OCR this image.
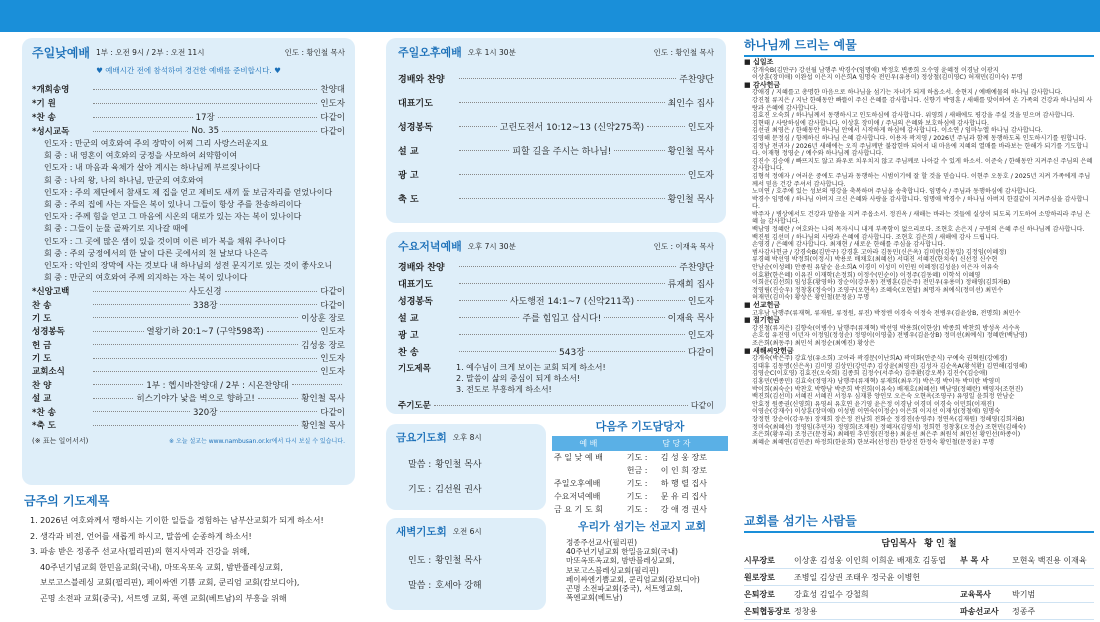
주일낮예배 1부 : 오전 9시 / 2부 : 오전 11시	인도 : 황인철 목사
♥ 예배시간 전에 참석하여 경건한 예배를 준비합시다. ♥
*개회송영	찬양대
*기 원	인도자
*찬 송	17장	다같이
*성시교독	No. 35	다같이
인도자 : 만군의 여호와여 주의 장막이 어찌 그리 사랑스러운지요
회 중 : 내 영혼이 여호와의 궁정을 사모하여 쇠약함이여
인도자 : 내 마음과 육체가 살아 계시는 하나님께 부르짖나이다
회 중 : 나의 왕, 나의 하나님, 만군의 여호와여
인도자 : 주의 제단에서 참새도 제 집을 얻고 제비도 새끼 둘 보금자리를 얻었나이다
회 중 : 주의 집에 사는 자들은 복이 있나니 그들이 항상 주를 찬송하리이다
인도자 : 주께 힘을 얻고 그 마음에 시온의 대로가 있는 자는 복이 있나이다
회 중 : 그들이 눈물 골짜기로 지나갈 때에
인도자 : 그 곳에 많은 샘이 있을 것이며 이른 비가 복을 채워 주나이다
회 중 : 주의 궁정에서의 한 날이 다른 곳에서의 천 날보다 나은즉
인도자 : 악인의 장막에 사는 것보다 내 하나님의 성전 문지기로 있는 것이 좋사오니
회 중 : 만군의 여호와여 주께 의지하는 자는 복이 있나이다
*신앙고백	사도신경	다같이
찬 송	338장	다같이
기 도	이상훈 장로
성경봉독	열왕기하 20:1~7 (구약598쪽)	인도자
헌 금	김성웅 장로
기 도	인도자
교회소식	인도자
찬 양	1부 : 헵시바찬양대 / 2부 : 시온찬양대
설 교	히스기야가 낯을 벽으로 향하고!	황인철 목사
*찬 송	320장	다같이
*축 도	황인철 목사
(※ 표는 일어서서)	※ 오늘 설교는 www.nambusan.or.kr에서 다시 보실 수 있습니다.
금주의 기도제목
1. 2026년 여호와께서 행하시는 기이한 일들을 경험하는 남부산교회가 되게 하소서!
2. 생각과 비전, 언어를 새롭게 하시고, 말씀에 순종하게 하소서!
3. 파송 받은 정종주 선교사(필리핀)의 현지사역과 건강을 위해,
40주년기념교회 한민음교회(국내), 마또옥또옥 교회, 밤반플레싱교회,
보로고스블레싱 교회(필리핀), 페이싸엔 기쁨 교회, 쿤리엄 교회(캄보디아),
곤명 소전파 교회(중국), 서트엥 교회, 폭엔 교회(베트남)의 부흥을 위해
주일오후예배 오후 1시 30분	인도 : 황인철 목사
경배와 찬양	주찬양단
대표기도	최인수 집사
성경봉독	고린도전서 10:12~13 (신약275쪽)	인도자
설 교	피할 길을 주시는 하나님!	황인철 목사
광 고	인도자
축 도	황인철 목사
수요저녁예배 오후 7시 30분	인도 : 이재육 목사
경배와 찬양	주찬양단
대표기도	류재희 집사
성경봉독	사도행전 14:1~7 (신약211쪽)	인도자
설 교	주를 힘입고 삽시다!	이재육 목사
광 고	인도자
찬 송	543장	다같이
기도제목	1. 예수님이 크게 보이는 교회 되게 하소서!
2. 말씀이 삶의 중심이 되게 하소서!
3. 전도로 부흥하게 하소서!
주기도문	다같이
금요기도회 오후 8시
말씀 : 황인철 목사
기도 : 김선원 권사
새벽기도회 오전 6시
인도 : 황인철 목사
말씀 : 호세아 강해
다음주 기도담당자
예 배	담 당 자	
주 일 낮 예 배	기도 :	김 성 웅 장로
	헌금 :	이 인 희 장로
주일오후예배	기도 :	하 행 렬 집사
수요저녁예배	기도 :	문 유 리 집사
금 요 기 도 회	기도 :	강 애 경 권사
우리가 섬기는 선교지 교회
정종주선교사(필리핀)
40주년기념교회 한밀음교회(국내)
마또옥또옥교회, 밤반블레싱교회,
보로고스블레싱교회(필리핀)
페이싸엔기쁨교회, 쿤리엄교회(캄보디아)
곤명 소전파교회(중국), 서트엥교회,
폭엔교회(베트남)
하나님께 드리는 예물
■ 십일조
강개숙B(김만구) 강선월 남행주 박경수(임명애) 박정호 변종희 오수영 윤혜정 이경남 이광지
이상훈(장미애) 이완섭 이은지 이은희A 임명숙 전민우(유용미) 정상철(김미영C) 허재민(김미숙) 무명
■ 감사헌금
강애경 / 지혜를고 총명한 마음으로 하나님을 섬기는 자녀가 되게 하옵소서. 송현지 / 예배예물의 하나님 감사합니다.
강진철 류지은 / 지난 한해동안 빠뜰이 주신 은혜를 감사합니다. 신향기 박영훈 / 새해를 맞이하여 온 가족의 건강과 하나님의 사랑과 은혜에 감사합니다.
김효진 오숙희 / 하나님께서 동행하시고 인도하심에 감사합니다. 위영희 / 새해에도 평강을 주실 것을 믿으며 감사합니다.
김현태 / 사랑하심에 감사합니다. 이상훈 장미애 / 주님의 은혜와 보호하심에 감사합니다.
김선권 최영은 / 한해동안 하나님 안에서 시작하게 하심에 감사합니다. 이소연 / 임마누엘 하나님 감사합니다.
김영해 문정심 / 항께하신 하나님 은혜 감사합니다. 이용자 곽지영 / 2026년 주님과 함께 동행하도록 인도하시기를 원합니다.
김정남 전귀자 / 2026년 새해에는 오직 주님께만 불잡힌바 되어서 내 마음에 지혜의 열매를 바라보는 한해가 되기를 기도합니다. 이재형 정영순 / 예수와 하나님께 감사합니다.
김진수 김승애 / 빠뜨지도 않고 좌우로 치우치지 않고 주님께로 나아갈 수 있게 하소서. 이준숙 / 한해동안 지켜주신 주님의 은혜 감사합니다.
김형석 정애자 / 여러운 중에도 주님과 동행하는 시범이기에 잘 할 것을 믿습니다. 이현주 오동호 / 2025년 지켜 가족에게 주님께서 믿음 건강 주셔서 감사합니다.
노미연 / 호주에 있는 성보의 평강을 축복하며 주님을 송축합니다. 임명숙 / 주님과 동행하심에 감사합니다.
박경수 임명애 / 하나님 아버지 크신 은혜와 사랑을 감사합니다. 임명애 박경수 / 하나님 아버지 한결같이 지켜주심을 감사합니다.
박주자 / 병상에서도 건강과 말씀을 지켜 주옵소서. 정진옥 / 새해는 바라는 것들에 실상이 되도록 기도하여 소망하리라 주님 은혜 늘 감사합니다.
백남영 정혜란 / 여호와는 나의 목자시니 내게 부족함이 없으리로다. 조현호 손은지 / 구원의 은혜 주신 하나님께 감사합니다.
백진원 김선미 / 하나님의 사랑과 은혜에 감사합니다. 조현호 김은희 / 새해에 감사 드립니다.
손영경 / 은혜에 감사합니다. 최재현 / 새로운 한해를 주심을 감사합니다.
범사감사헌금 / 강경숙B(김만구) 강경훈 고아라 김동민(신은옥) 김미란(김동일) 김정임(이혜정)
류경혜 박선영 박정희(이정시) 박용로 배채호(최혜선) 서대진 서혜진(한치숙) 신선정 신수현
안남순(이성혜) 안종원 유달순 윤소희A 이경미 이성미 이인원 이혜정(김성윤) 이은자 이유숙
이효환(한은혜) 이유진 이재학(손정희) 이정수(민순이) 이정주(김동혜) 이학석 이혜영
이희운(김선희) 임성훈(황영하) 장순이(강우동) 전병훈(김은주) 전민우(유용미) 정해영(김희자B)
정영림(진승우) 정창홍(정숙이) 조영구(오현옥) 조혜숙(오현달) 최명자 최예식(정미선) 최민수
허재민(김미숙) 황상은 황인철(문정윤) 무명
■ 선교헌금
고후남 남행주(류재혁, 류재원, 류정원, 류진) 박정엔 이경숙 이정숙 전병우(김윤상B, 전명희) 최민수
■ 절기헌금
강진철(류지은) 김향숙(이병수) 남행주(류재혁) 박선영 박용희(이한상) 박종희 박찬희 방성옥 서수옥
손호섭 유진영 이년자 이정임(정성순) 정영이(이영출) 전병우(김윤상B) 정미선(최예식) 정혜란(백남영)
조은희(최동주) 최민석 최정순(최예진) 황상은
■ 새해씨앗헌금
강개숙(박은주) 강효성(유소희) 고아라 곽경문(이난희A) 곽미화(안준식) 구예숙 권혁원(강예경)
김대휴 김동명(신은옥) 김미영 김상민(강민주) 김상윤(최영진) 김성자 김순옥A(황석환) 김연해(김영해)
김영순C(이호영) 김효진(오숙희) 김종희 김정수(서주숙) 김주환(강오복) 김진수(김승애)
김홍민(변종민) 김효숙(정영자) 남행주(류재혁) 류재희(최우기) 박은경 박이득 박미란 박영미
박이희(최숙순) 박찬호 박향남 박준희 박진희(이유숙) 배재호(최혜선) 백남영(정혜란) 백영자(조현진)
백진희(김선미) 서혜진 서혜진 서정우 심재룡 양인모 오은숙 오현옥(조영구) 유영일 윤희정 안남순
안효정 원종권(신영희) 유영쇠 유호연 윤기영 윤은정 이경남 이경미 이경숙 이민희(이재진)
이영순(강재수) 이상훈(장미애) 이성범 이연숙(이정순) 이은희 이지선 이재성(정철애) 임명숙
장정헌 장순이(강우동) 장재희 장은정 전남희 전화순 정경진(송영주) 정연옥(김재원) 정해영(김희자B)
정미숙(최혜선) 정영임(추민자) 정영희(조재원) 정혜자(김영석) 정희헌 정창홍(오정순) 조현민(김해숙)
조은희(황우리) 조정근(문정록) 최혜원 추민정(진정용) 최윤선 최은주 최원석 최인선 황인선(하종이)
최혜순 최혜연(김민준) 하정희(한윤희) 한보라(선정진) 한상진 한정숙 황인철(문정윤) 무명
교회를 섬기는 사람들
담임목사 황 인 철
시무장로	이상훈 김성웅 이인희 이희운 배재호 김동엽	부 목 사	모현욱 백진용 이재육
원로장로	조병일 김상권 조태우 정국윤 이병헌
은퇴장로	강효성 김일수 강철희	교육목사	박기범
은퇴협동장로 정창용	파송선교사	정종주
